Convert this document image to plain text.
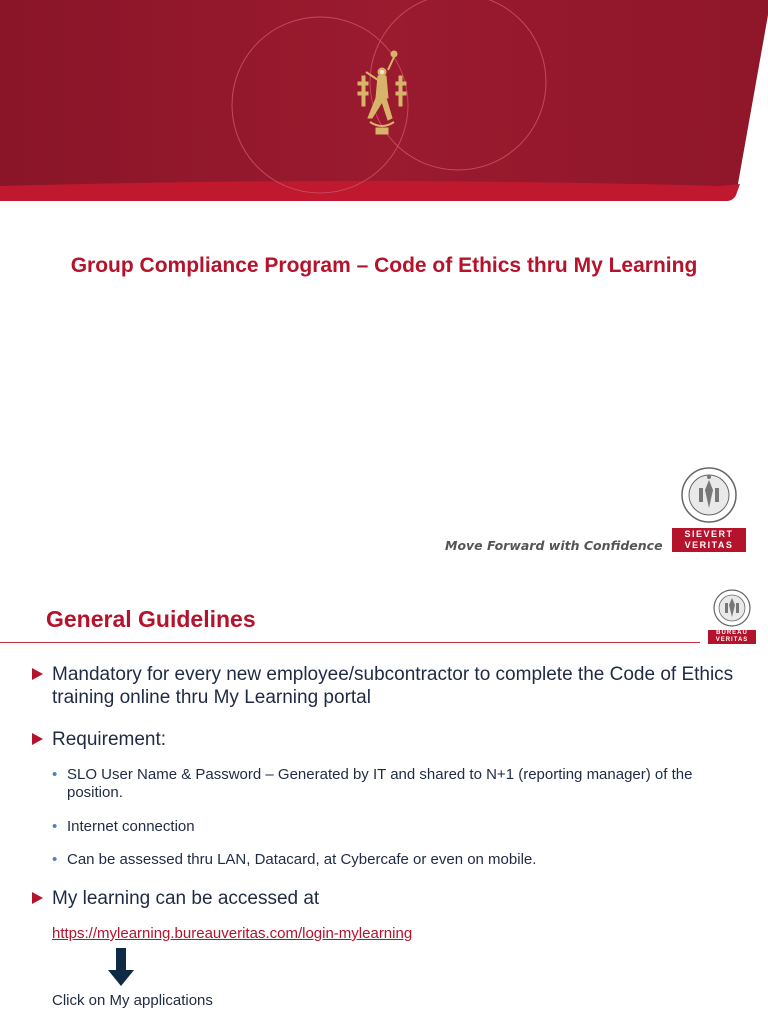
Group Compliance Program – Code of Ethics thru My Learning
Move Forward with Confidence
SIEVERT
VERITAS
General Guidelines
BUREAU
VERITAS
Mandatory for every new employee/subcontractor to complete the Code of Ethics training online thru My Learning portal
Requirement:
• SLO User Name & Password – Generated by IT and shared to N+1 (reporting manager) of the position.
• Internet connection
• Can be assessed thru LAN, Datacard, at Cybercafe or even on mobile.
My learning can be accessed at
https://mylearning.bureauveritas.com/login-mylearning
Click on My applications
